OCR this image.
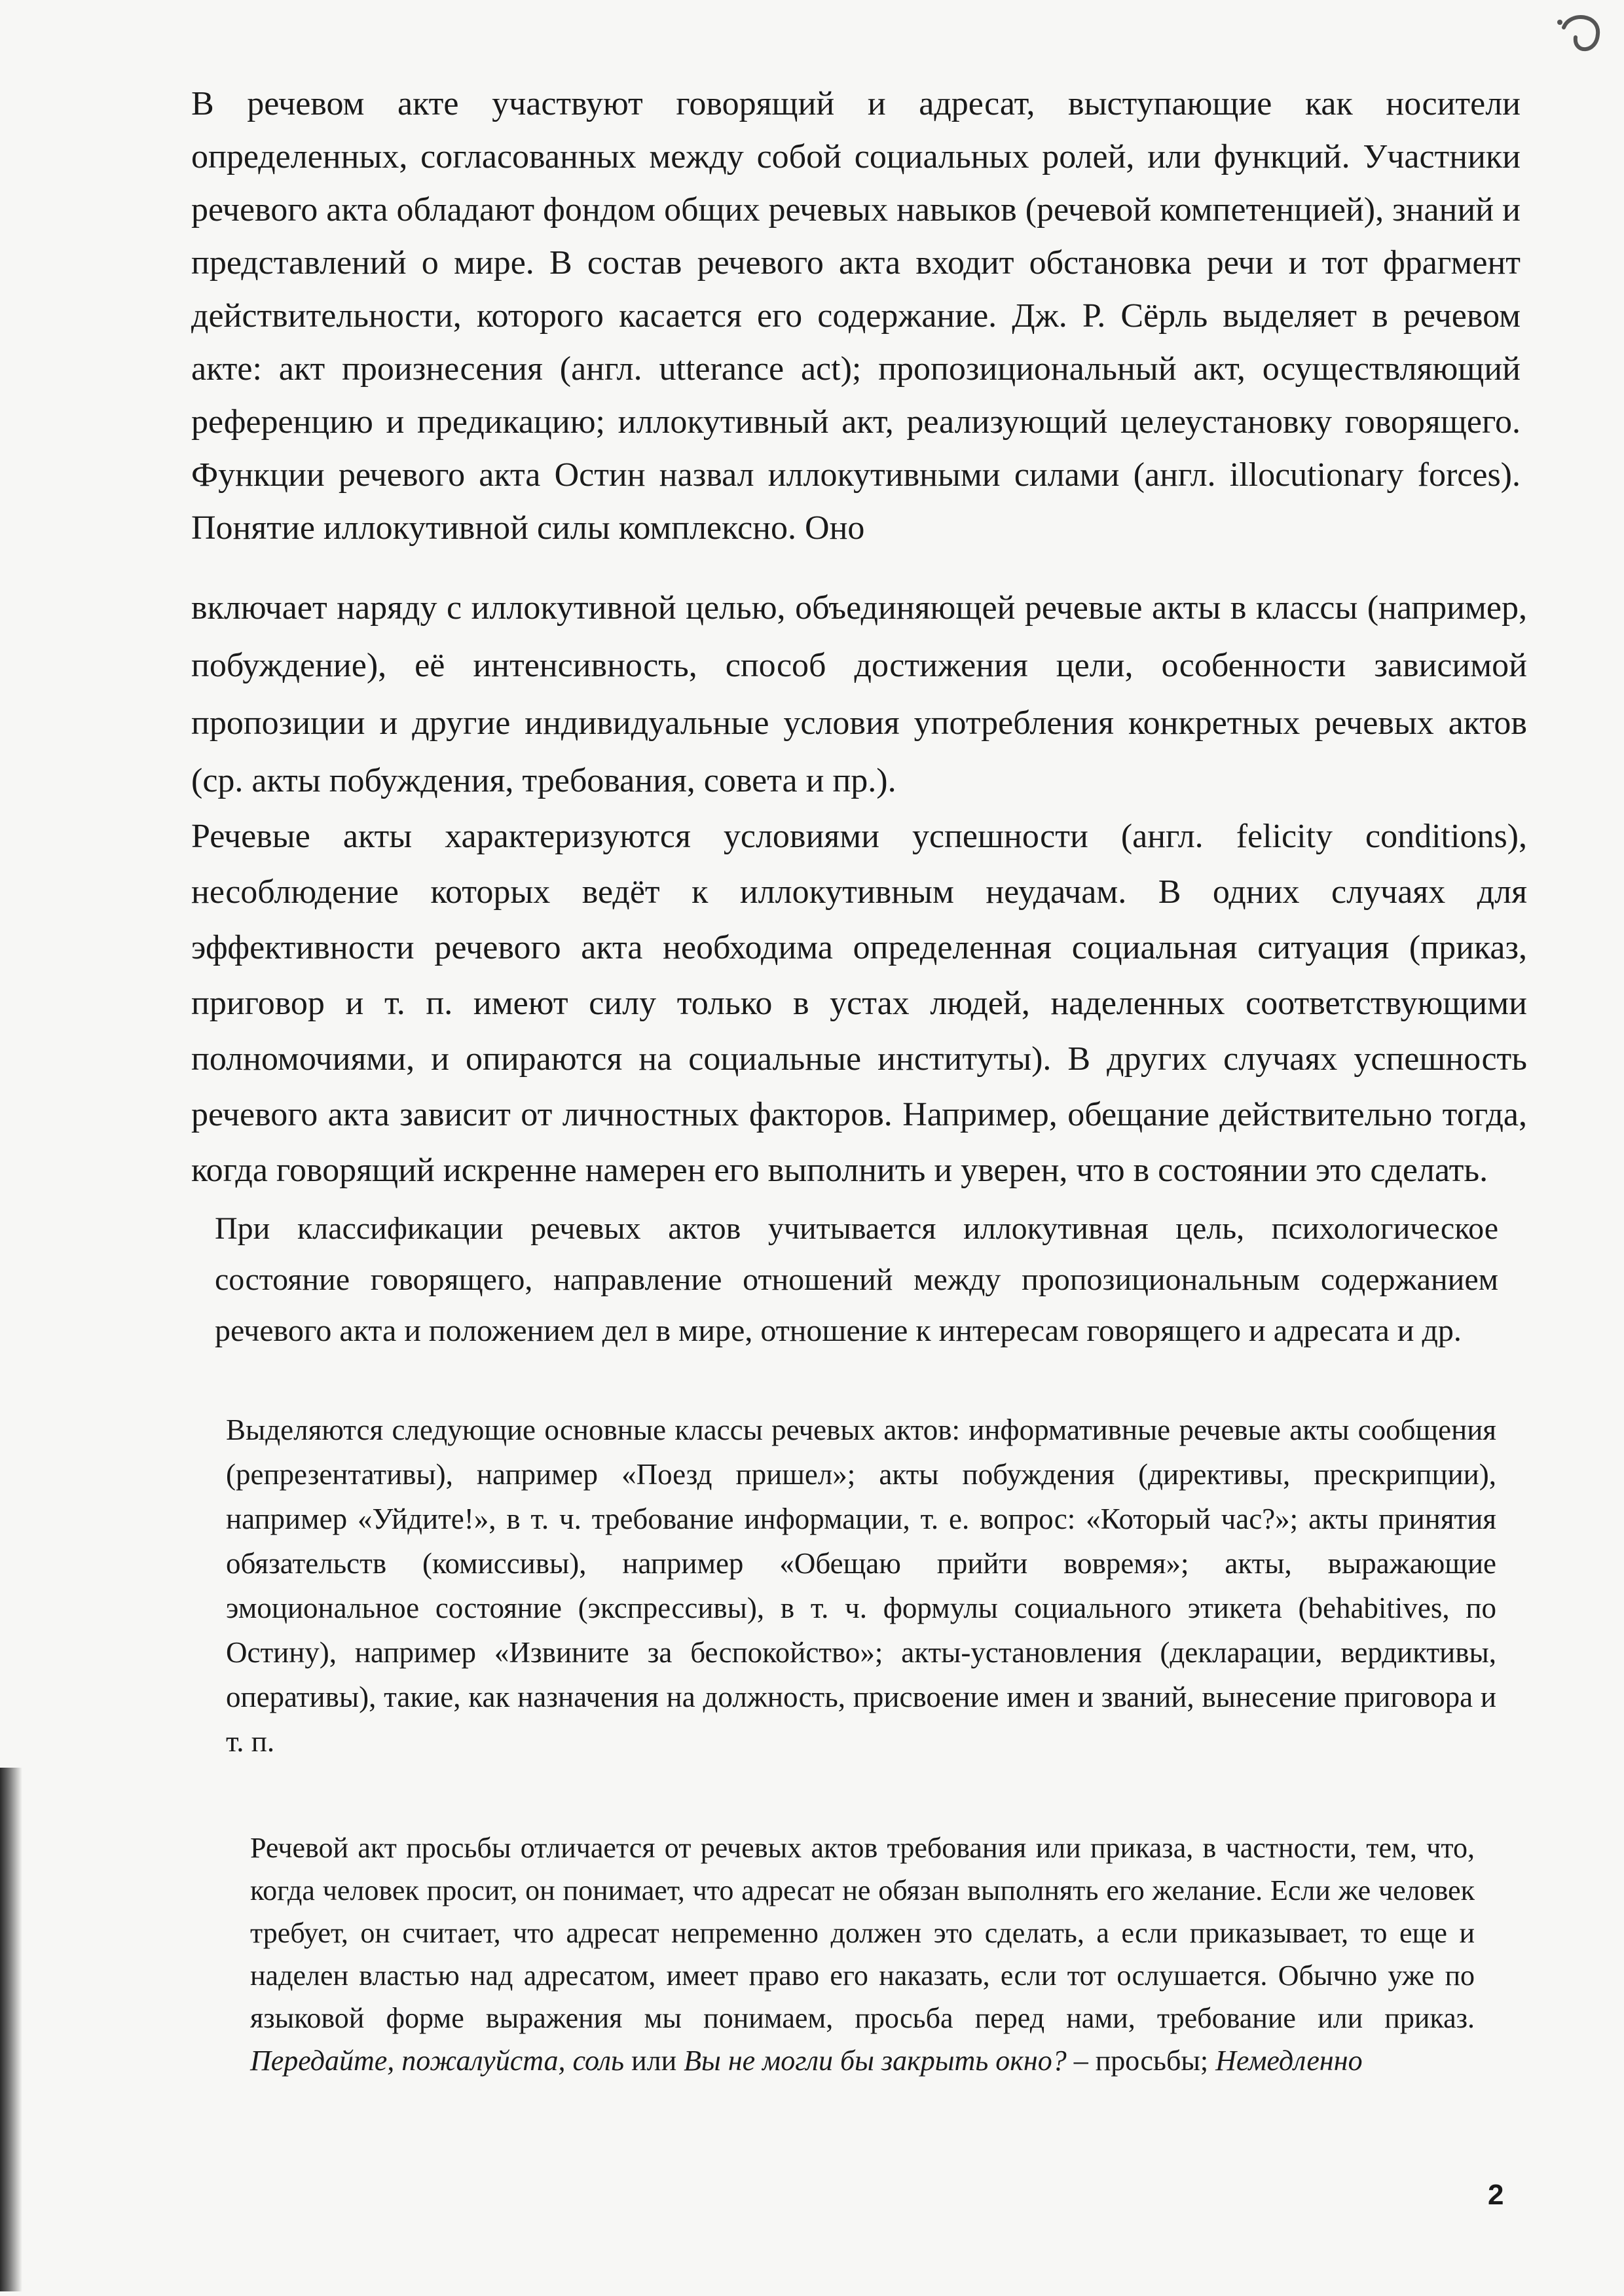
В речевом акте участвуют говорящий и адресат, выступающие как носители определенных, согласованных между собой социальных ролей, или функций. Участники речевого акта обладают фондом общих речевых навыков (речевой компетенцией), знаний и представлений о мире. В состав речевого акта входит обстановка речи и тот фрагмент действительности, которого касается его содержание. Дж. Р. Сёрль выделяет в речевом акте: акт произнесения (англ. utterance act); пропозициональный акт, осуществляющий референцию и предикацию; иллокутивный акт, реализующий целеустановку говорящего. Функции речевого акта Остин назвал иллокутивными силами (англ. illocutionary forces). Понятие иллокутивной силы комплексно. Оно

включает наряду с иллокутивной целью, объединяющей речевые акты в классы (например, побуждение), её интенсивность, способ достижения цели, особенности зависимой пропозиции и другие индивидуальные условия употребления конкретных речевых актов (ср. акты побуждения, требования, совета и пр.).

Речевые акты характеризуются условиями успешности (англ. felicity conditions), несоблюдение которых ведёт к иллокутивным неудачам. В одних случаях для эффективности речевого акта необходима определенная социальная ситуация (приказ, приговор и т. п. имеют силу только в устах людей, наделенных соответствующими полномочиями, и опираются на социальные институты). В других случаях успешность речевого акта зависит от личностных факторов. Например, обещание действительно тогда, когда говорящий искренне намерен его выполнить и уверен, что в состоянии это сделать.

При классификации речевых актов учитывается иллокутивная цель, психологическое состояние говорящего, направление отношений между пропозициональным содержанием речевого акта и положением дел в мире, отношение к интересам говорящего и адресата и др.

Выделяются следующие основные классы речевых актов: информативные речевые акты сообщения (репрезентативы), например «Поезд пришел»; акты побуждения (директивы, прескрипции), например «Уйдите!», в т. ч. требование информации, т. е. вопрос: «Который час?»; акты принятия обязательств (комиссивы), например «Обещаю прийти вовремя»; акты, выражающие эмоциональное состояние (экспрессивы), в т. ч. формулы социального этикета (behabitives, по Остину), например «Извините за беспокойство»; акты-установления (декларации, вердиктивы, оперативы), такие, как назначения на должность, присвоение имен и званий, вынесение приговора и т. п.

Речевой акт просьбы отличается от речевых актов требования или приказа, в частности, тем, что, когда человек просит, он понимает, что адресат не обязан выполнять его желание. Если же человек требует, он считает, что адресат непременно должен это сделать, а если приказывает, то еще и наделен властью над адресатом, имеет право его наказать, если тот ослушается. Обычно уже по языковой форме выражения мы понимаем, просьба перед нами, требование или приказ. Передайте, пожалуйста, соль или Вы не могли бы закрыть окно? – просьбы; Немедленно

2
